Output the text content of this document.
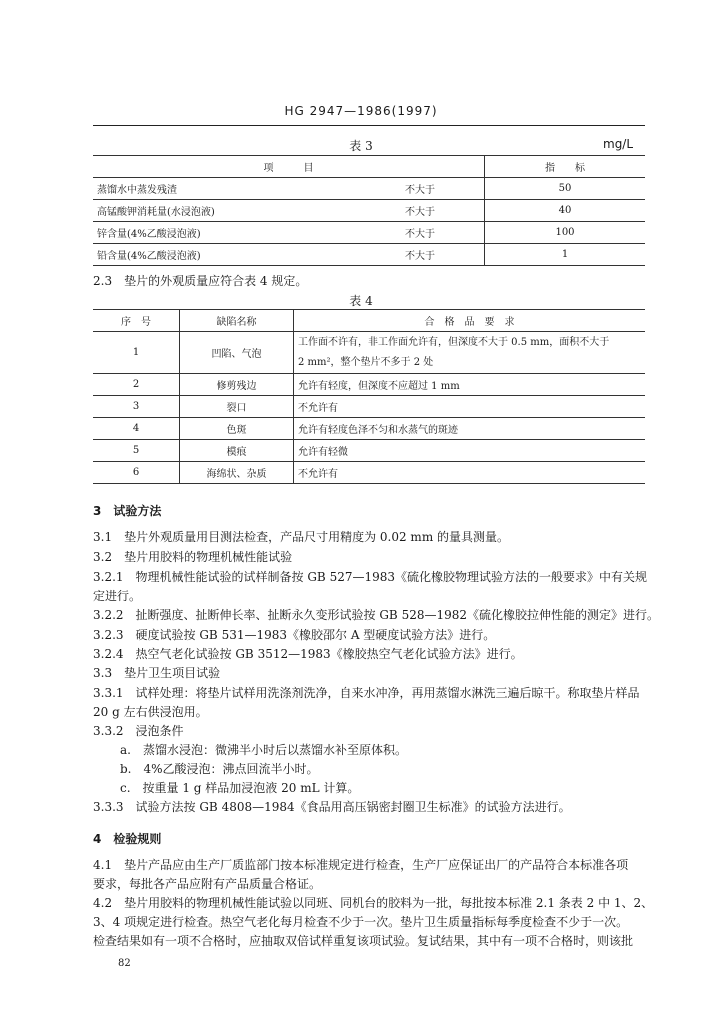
HG 2947—1986(1997)
表 3	mg/L
项　　　目		指　　标
蒸馏水中蒸发残渣	不大于	50
高锰酸钾消耗量(水浸泡液)	不大于	40
锌含量(4%乙酸浸泡液)	不大于	100
铅含量(4%乙酸浸泡液)	不大于	1

2.3　垫片的外观质量应符合表 4 规定。

表 4
序　号	缺陷名称	合　格　品　要　求
1	凹陷、气泡	工作面不许有，非工作面允许有，但深度不大于 0.5 mm，面积不大于
2 mm²，整个垫片不多于 2 处

2	修剪残边	允许有轻度，但深度不应超过 1 mm
3	裂口	不允许有
4	色斑	允许有轻度色泽不匀和水蒸气的斑迹
5	模痕	允许有轻微
6	海绵状、杂质	不允许有

3　试验方法

3.1　垫片外观质量用目测法检查，产品尺寸用精度为 0.02 mm 的量具测量。

3.2　垫片用胶料的物理机械性能试验

3.2.1　物理机械性能试验的试样制备按 GB 527—1983《硫化橡胶物理试验方法的一般要求》中有关规

定进行。

3.2.2　扯断强度、扯断伸长率、扯断永久变形试验按 GB 528—1982《硫化橡胶拉伸性能的测定》进行。

3.2.3　硬度试验按 GB 531—1983《橡胶邵尔 A 型硬度试验方法》进行。

3.2.4　热空气老化试验按 GB 3512—1983《橡胶热空气老化试验方法》进行。

3.3　垫片卫生项目试验

3.3.1　试样处理：将垫片试样用洗涤剂洗净，自来水冲净，再用蒸馏水淋洗三遍后晾干。称取垫片样品

20 g 左右供浸泡用。

3.3.2　浸泡条件

a.　蒸馏水浸泡：微沸半小时后以蒸馏水补至原体积。

b.　4%乙酸浸泡：沸点回流半小时。

c.　按重量 1 g 样品加浸泡液 20 mL 计算。

3.3.3　试验方法按 GB 4808—1984《食品用高压锅密封圈卫生标准》的试验方法进行。

4　检验规则

4.1　垫片产品应由生产厂质监部门按本标准规定进行检查，生产厂应保证出厂的产品符合本标准各项

要求，每批各产品应附有产品质量合格证。

4.2　垫片用胶料的物理机械性能试验以同班、同机台的胶料为一批，每批按本标准 2.1 条表 2 中 1、2、

3、4 项规定进行检查。热空气老化每月检查不少于一次。垫片卫生质量指标每季度检查不少于一次。

检查结果如有一项不合格时，应抽取双倍试样重复该项试验。复试结果，其中有一项不合格时，则该批

82
